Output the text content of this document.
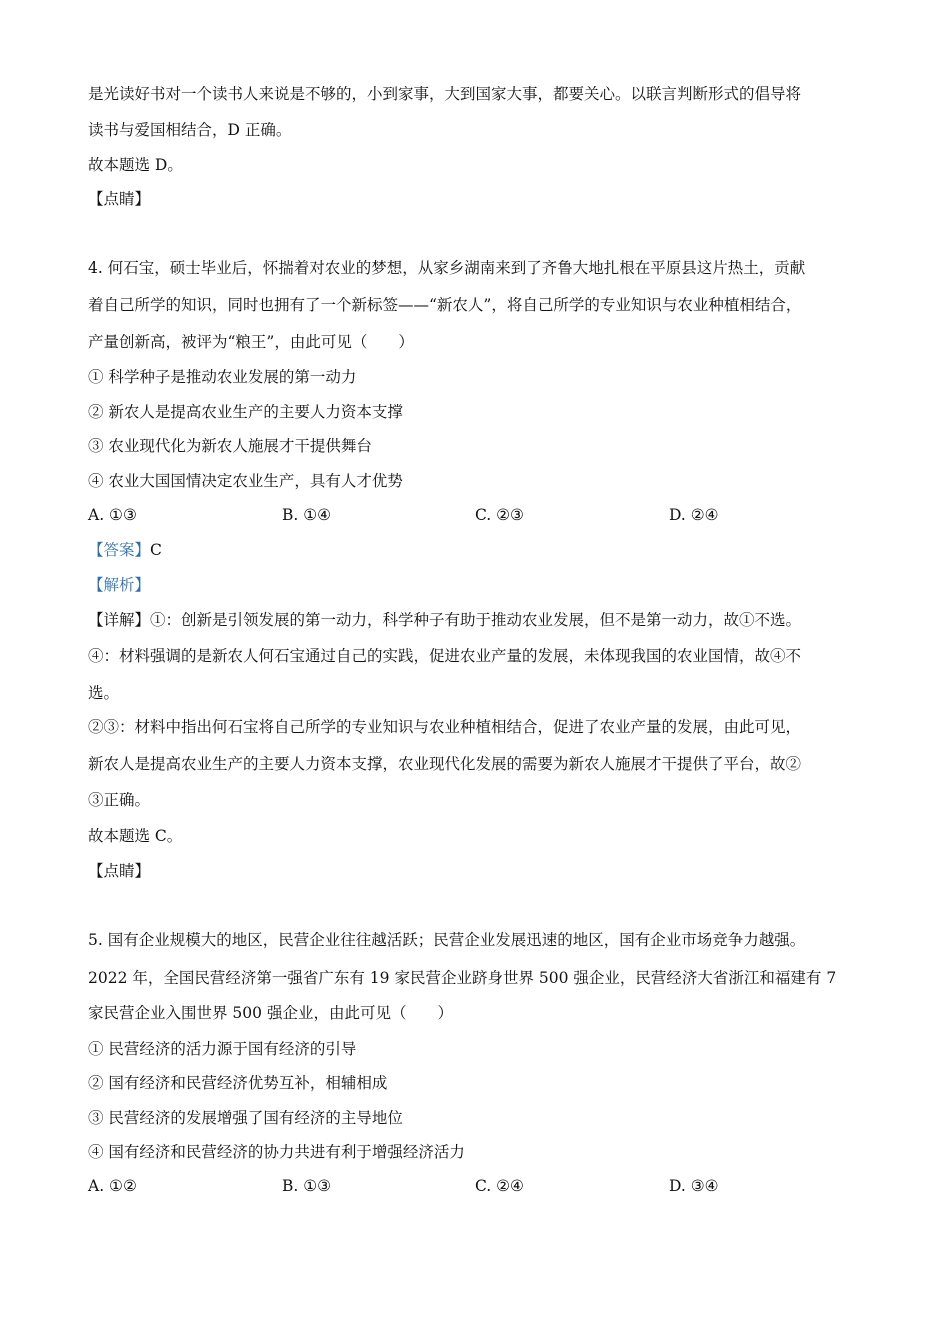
是光读好书对一个读书人来说是不够的，小到家事，大到国家大事，都要关心。以联言判断形式的倡导将
读书与爱国相结合，D 正确。
故本题选 D。
【点睛】
4. 何石宝，硕士毕业后，怀揣着对农业的梦想，从家乡湖南来到了齐鲁大地扎根在平原县这片热土，贡献
着自己所学的知识，同时也拥有了一个新标签——“新农人”，将自己所学的专业知识与农业种植相结合，
产量创新高，被评为“粮王”，由此可见（　　）
① 科学种子是推动农业发展的第一动力
② 新农人是提高农业生产的主要人力资本支撑
③ 农业现代化为新农人施展才干提供舞台
④ 农业大国国情决定农业生产，具有人才优势
A. ①③	B. ①④	C. ②③	D. ②④
【答案】C
【解析】
【详解】①：创新是引领发展的第一动力，科学种子有助于推动农业发展，但不是第一动力，故①不选。
④：材料强调的是新农人何石宝通过自己的实践，促进农业产量的发展，未体现我国的农业国情，故④不
选。
②③：材料中指出何石宝将自己所学的专业知识与农业种植相结合，促进了农业产量的发展，由此可见，
新农人是提高农业生产的主要人力资本支撑，农业现代化发展的需要为新农人施展才干提供了平台，故②
③正确。
故本题选 C。
【点睛】
5. 国有企业规模大的地区，民营企业往往越活跃；民营企业发展迅速的地区，国有企业市场竞争力越强。
2022 年，全国民营经济第一强省广东有 19 家民营企业跻身世界 500 强企业，民营经济大省浙江和福建有 7
家民营企业入围世界 500 强企业，由此可见（　　）
① 民营经济的活力源于国有经济的引导
② 国有经济和民营经济优势互补，相辅相成
③ 民营经济的发展增强了国有经济的主导地位
④ 国有经济和民营经济的协力共进有利于增强经济活力
A. ①②	B. ①③	C. ②④	D. ③④
